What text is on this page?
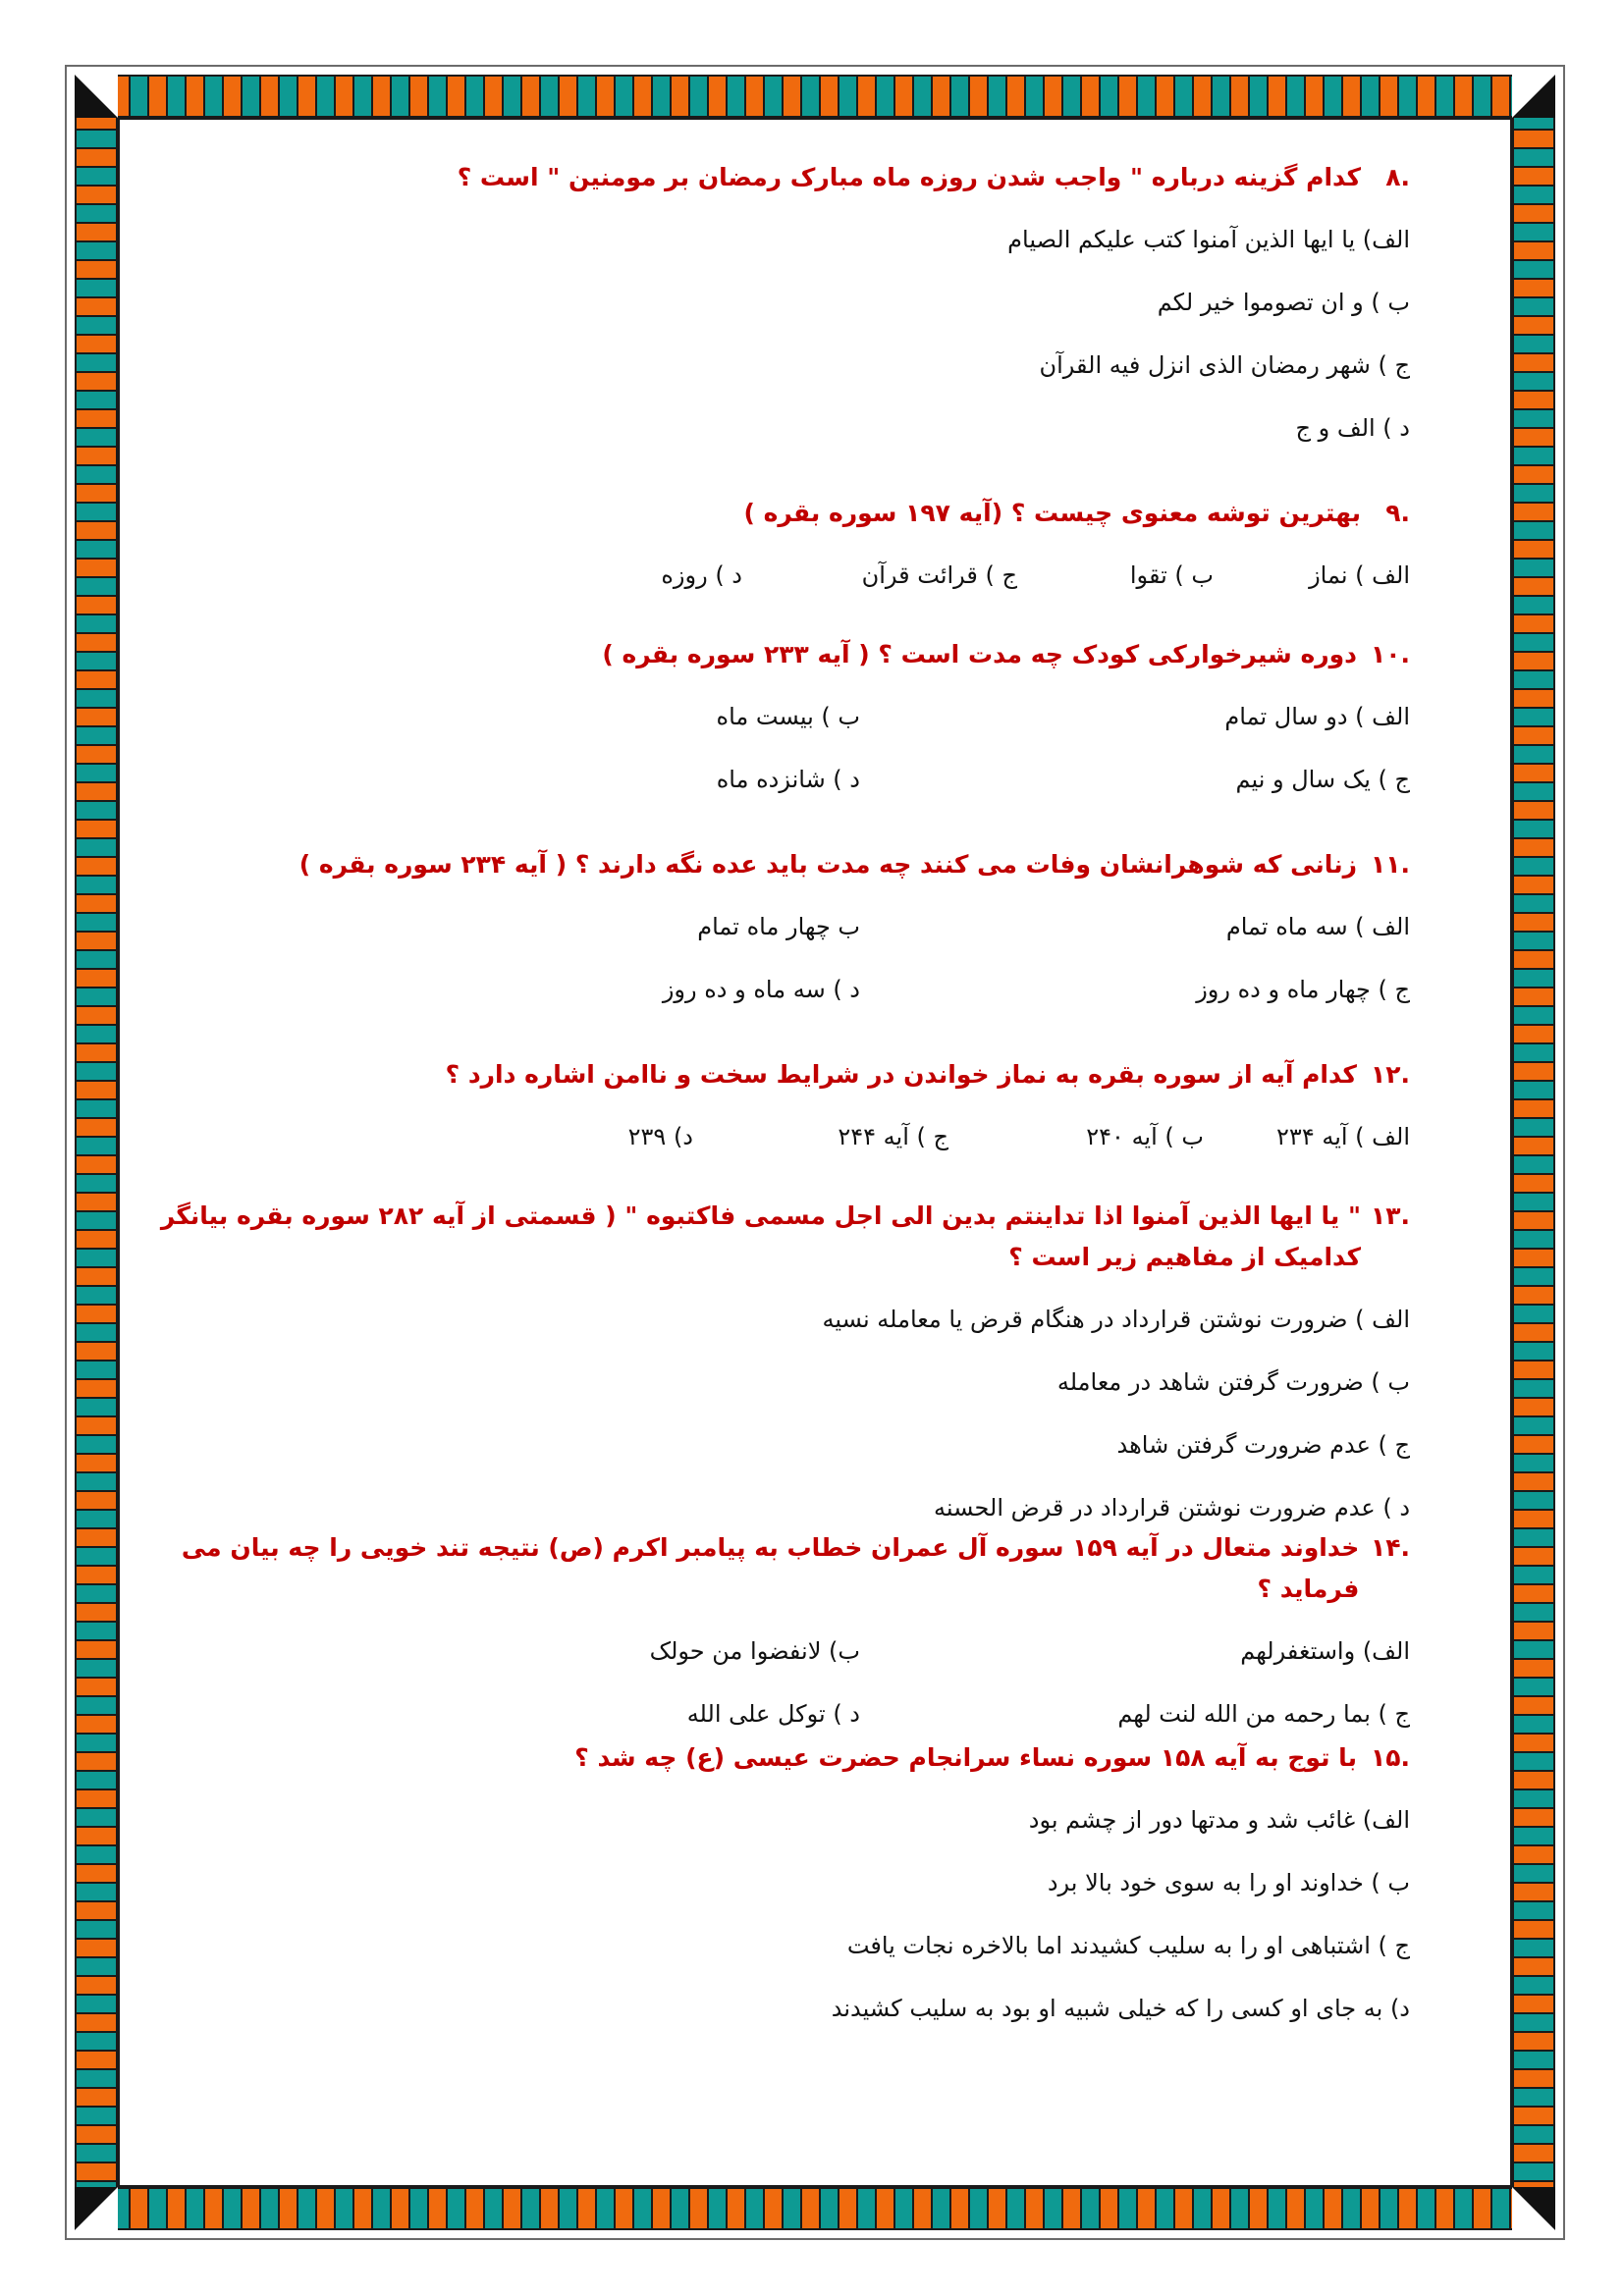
.۸
کدام گزینه درباره " واجب شدن روزه ماه مبارک رمضان بر مومنین " است ؟
الف) یا ایها الذین آمنوا کتب علیکم الصیام
ب ) و ان تصوموا خیر لکم
ج ) شهر رمضان الذی انزل فیه القرآن
د ) الف و ج
.۹
بهترین توشه معنوی چیست ؟ (آیه ۱۹۷ سوره بقره )
الف ) نماز
ب ) تقوا
ج ) قرائت قرآن
د ) روزه
.۱۰
دوره شیرخوارکی کودک چه مدت است ؟ ( آیه ۲۳۳ سوره بقره )
الف ) دو سال تمام
ب ) بیست ماه
ج ) یک سال و نیم
د ) شانزده ماه
.۱۱
زنانی که شوهرانشان وفات می کنند چه مدت باید عده نگه دارند ؟ ( آیه ۲۳۴ سوره بقره )
الف ) سه ماه تمام
ب چهار ماه تمام
ج ) چهار ماه و ده روز
د ) سه ماه و ده روز
.۱۲
کدام آیه از سوره بقره به نماز خواندن در شرایط سخت و ناامن اشاره دارد ؟
الف ) آیه ۲۳۴
ب ) آیه ۲۴۰
ج ) آیه ۲۴۴
د) ۲۳۹
.۱۳
" یا ایها الذین آمنوا اذا تداینتم بدین الی اجل مسمی فاکتبوه " ( قسمتی از آیه ۲۸۲ سوره بقره بیانگر کدامیک از مفاهیم زیر است ؟
الف ) ضرورت نوشتن قرارداد در هنگام قرض یا معامله نسیه
ب ) ضرورت گرفتن شاهد در معامله
ج ) عدم ضرورت گرفتن شاهد
د ) عدم ضرورت نوشتن قرارداد در قرض الحسنه
.۱۴
خداوند متعال در آیه ۱۵۹ سوره آل عمران خطاب به پیامبر اکرم (ص) نتیجه تند خویی را چه بیان می فرماید ؟
الف) واستغفرلهم
ب) لانفضوا من حولک
ج ) بما رحمه من الله لنت لهم
د ) توکل علی الله
.۱۵
با توج به آیه ۱۵۸ سوره نساء سرانجام حضرت عیسی (ع) چه شد ؟
الف) غائب شد و مدتها دور از چشم بود
ب ) خداوند او را به سوی خود بالا برد
ج ) اشتباهی او را به سلیب کشیدند اما بالاخره نجات یافت
د) به جای او کسی را که خیلی شبیه او بود به سلیب کشیدند
